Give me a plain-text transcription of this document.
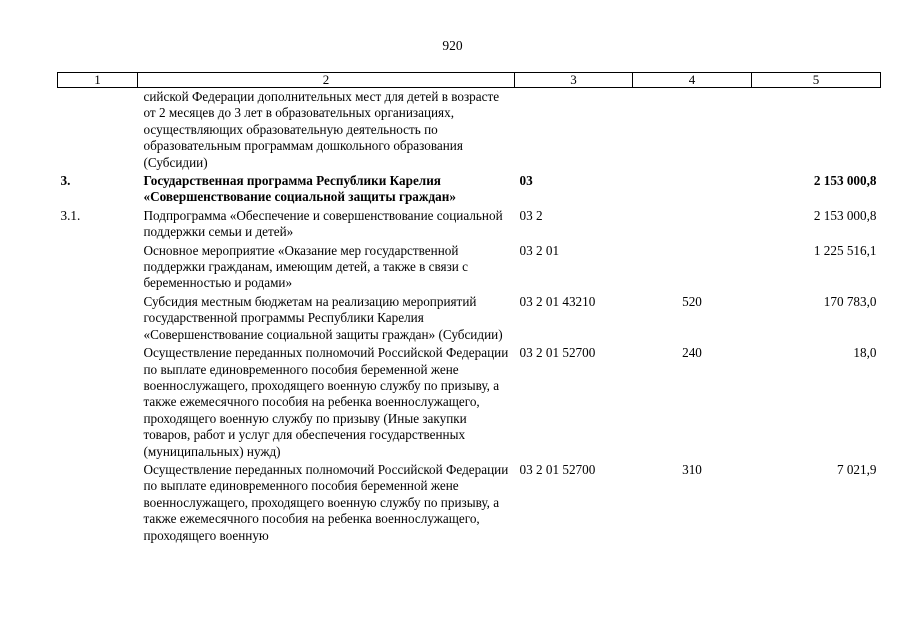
920
1	2	3	4	5
	сийской Федерации дополнительных мест для детей в возрасте от 2 месяцев до 3 лет в образовательных организациях, осуществляющих образовательную деятельность по образовательным программам дошкольного образования (Субсидии)			
3.	Государственная программа Республики Карелия «Совершенствование социальной защиты граждан»	03		2 153 000,8
3.1.	Подпрограмма «Обеспечение и совершенствование социальной поддержки семьи и детей»	03 2		2 153 000,8
	Основное мероприятие «Оказание мер государственной поддержки гражданам, имеющим детей, а также в связи с беременностью и родами»	03 2 01		1 225 516,1
	Субсидия местным бюджетам на реализацию мероприятий государственной программы Республики Карелия «Совершенствование социальной защиты граждан» (Субсидии)	03 2 01 43210	520	170 783,0
	Осуществление переданных полномочий Российской Федерации по выплате единовременного пособия беременной жене военнослужащего, проходящего военную службу по призыву, а также ежемесячного пособия на ребенка военнослужащего, проходящего военную службу по призыву (Иные закупки товаров, работ и услуг для обеспечения государственных (муниципальных) нужд)	03 2 01 52700	240	18,0
	Осуществление переданных полномочий Российской Федерации по выплате единовременного пособия беременной жене военнослужащего, проходящего военную службу по призыву, а также ежемесячного пособия на ребенка военнослужащего, проходящего военную	03 2 01 52700	310	7 021,9
